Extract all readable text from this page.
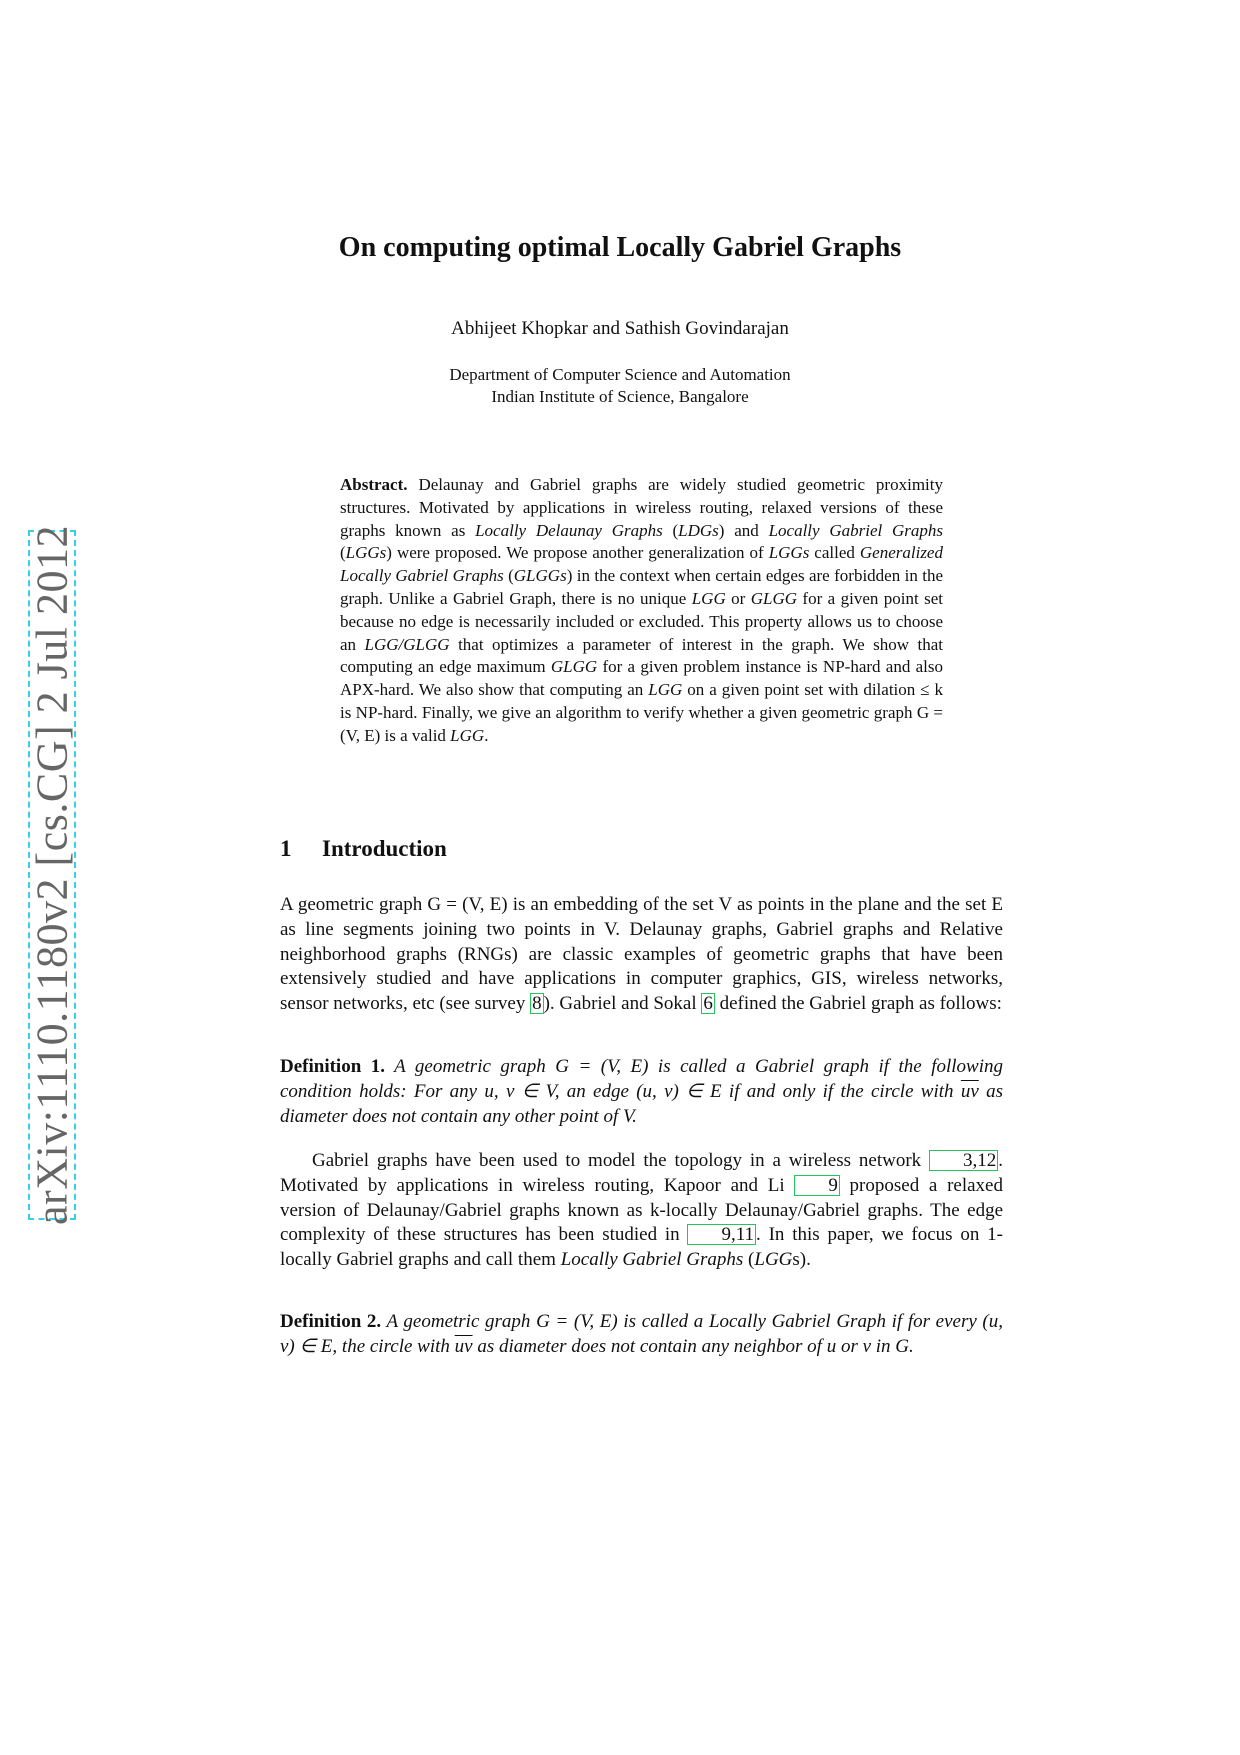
arXiv:1110.1180v2 [cs.CG] 2 Jul 2012
On computing optimal Locally Gabriel Graphs
Abhijeet Khopkar and Sathish Govindarajan
Department of Computer Science and Automation
Indian Institute of Science, Bangalore
Abstract. Delaunay and Gabriel graphs are widely studied geometric proximity structures. Motivated by applications in wireless routing, relaxed versions of these graphs known as Locally Delaunay Graphs (LDGs) and Locally Gabriel Graphs (LGGs) were proposed. We propose another generalization of LGGs called Generalized Locally Gabriel Graphs (GLGGs) in the context when certain edges are forbidden in the graph. Unlike a Gabriel Graph, there is no unique LGG or GLGG for a given point set because no edge is necessarily included or excluded. This property allows us to choose an LGG/GLGG that optimizes a parameter of interest in the graph. We show that computing an edge maximum GLGG for a given problem instance is NP-hard and also APX-hard. We also show that computing an LGG on a given point set with dilation ≤ k is NP-hard. Finally, we give an algorithm to verify whether a given geometric graph G = (V, E) is a valid LGG.
1 Introduction
A geometric graph G = (V, E) is an embedding of the set V as points in the plane and the set E as line segments joining two points in V. Delaunay graphs, Gabriel graphs and Relative neighborhood graphs (RNGs) are classic examples of geometric graphs that have been extensively studied and have applications in computer graphics, GIS, wireless networks, sensor networks, etc (see survey 8 ). Gabriel and Sokal 6 defined the Gabriel graph as follows:
Definition 1. A geometric graph G = (V, E) is called a Gabriel graph if the following condition holds: For any u, v ∈ V, an edge (u, v) ∈ E if and only if the circle with $\overline{uv}$ as diameter does not contain any other point of V.
Gabriel graphs have been used to model the topology in a wireless network 3,12 . Motivated by applications in wireless routing, Kapoor and Li 9 proposed a relaxed version of Delaunay/Gabriel graphs known as k-locally Delaunay/Gabriel graphs. The edge complexity of these structures has been studied in 9,11 . In this paper, we focus on 1-locally Gabriel graphs and call them Locally Gabriel Graphs (LGGs).
Definition 2. A geometric graph G = (V, E) is called a Locally Gabriel Graph if for every (u, v) ∈ E, the circle with $\overline{uv}$ as diameter does not contain any neighbor of u or v in G.
